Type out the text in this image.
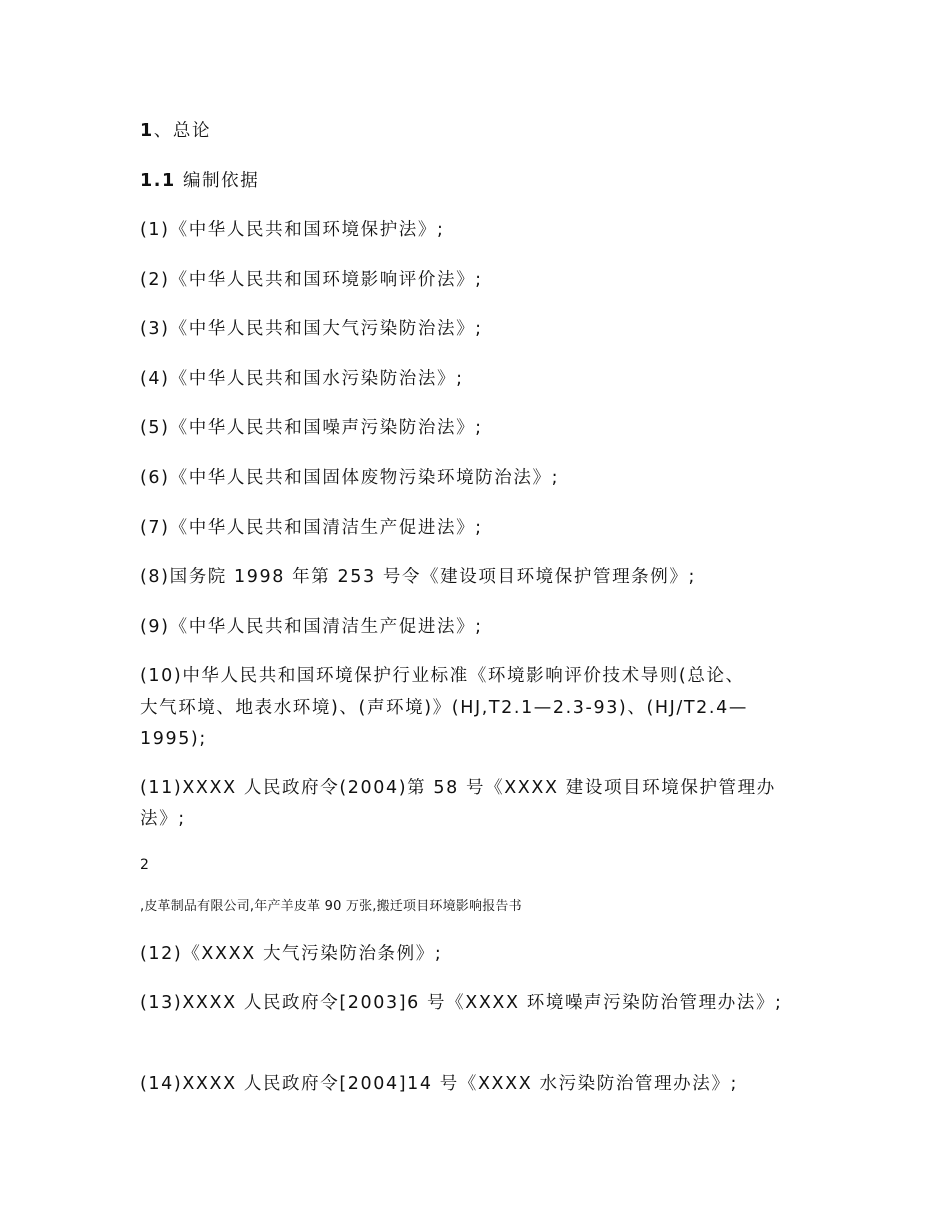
1、总论
1.1 编制依据
(1)《中华人民共和国环境保护法》;
(2)《中华人民共和国环境影响评价法》;
(3)《中华人民共和国大气污染防治法》;
(4)《中华人民共和国水污染防治法》;
(5)《中华人民共和国噪声污染防治法》;
(6)《中华人民共和国固体废物污染环境防治法》;
(7)《中华人民共和国清洁生产促进法》;
(8)国务院 1998 年第 253 号令《建设项目环境保护管理条例》;
(9)《中华人民共和国清洁生产促进法》;
(10)中华人民共和国环境保护行业标准《环境影响评价技术导则(总论、
大气环境、地表水环境)、(声环境)》(HJ,T2.1—2.3-93)、(HJ/T2.4—
1995);
(11)XXXX 人民政府令(2004)第 58 号《XXXX 建设项目环境保护管理办
法》;
2
,皮革制品有限公司,年产羊皮革 90 万张,搬迁项目环境影响报告书
(12)《XXXX 大气污染防治条例》;
(13)XXXX 人民政府令[2003]6 号《XXXX 环境噪声污染防治管理办法》;
(14)XXXX 人民政府令[2004]14 号《XXXX 水污染防治管理办法》;
